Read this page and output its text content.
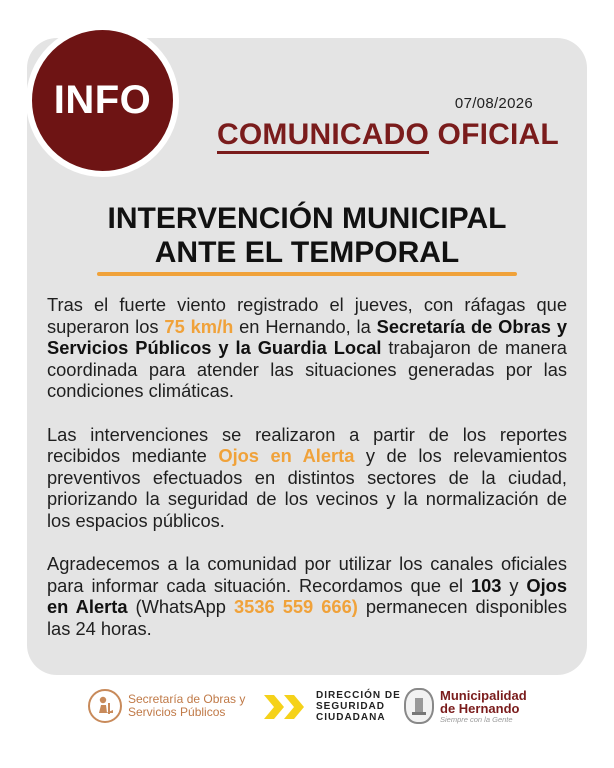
07/08/2026
COMUNICADO OFICIAL
INFO
INTERVENCIÓN MUNICIPAL
ANTE EL TEMPORAL

Tras el fuerte viento registrado el jueves, con ráfagas que superaron los 75 km/h en Hernando, la Secretaría de Obras y Servicios Públicos y la Guardia Local trabajaron de manera coordinada para atender las situaciones generadas por las condiciones climáticas.

Las intervenciones se realizaron a partir de los reportes recibidos mediante Ojos en Alerta y de los relevamientos preventivos efectuados en distintos sectores de la ciudad, priorizando la seguridad de los vecinos y la normalización de los espacios públicos.

Agradecemos a la comunidad por utilizar los canales oficiales para informar cada situación. Recordamos que el 103 y Ojos en Alerta (WhatsApp 3536 559 666) permanecen disponibles las 24 horas.

Secretaría de Obras y
Servicios Públicos
DIRECCIÓN DE
SEGURIDAD
CIUDADANA
Municipalidad
de Hernando
Siempre con la Gente
